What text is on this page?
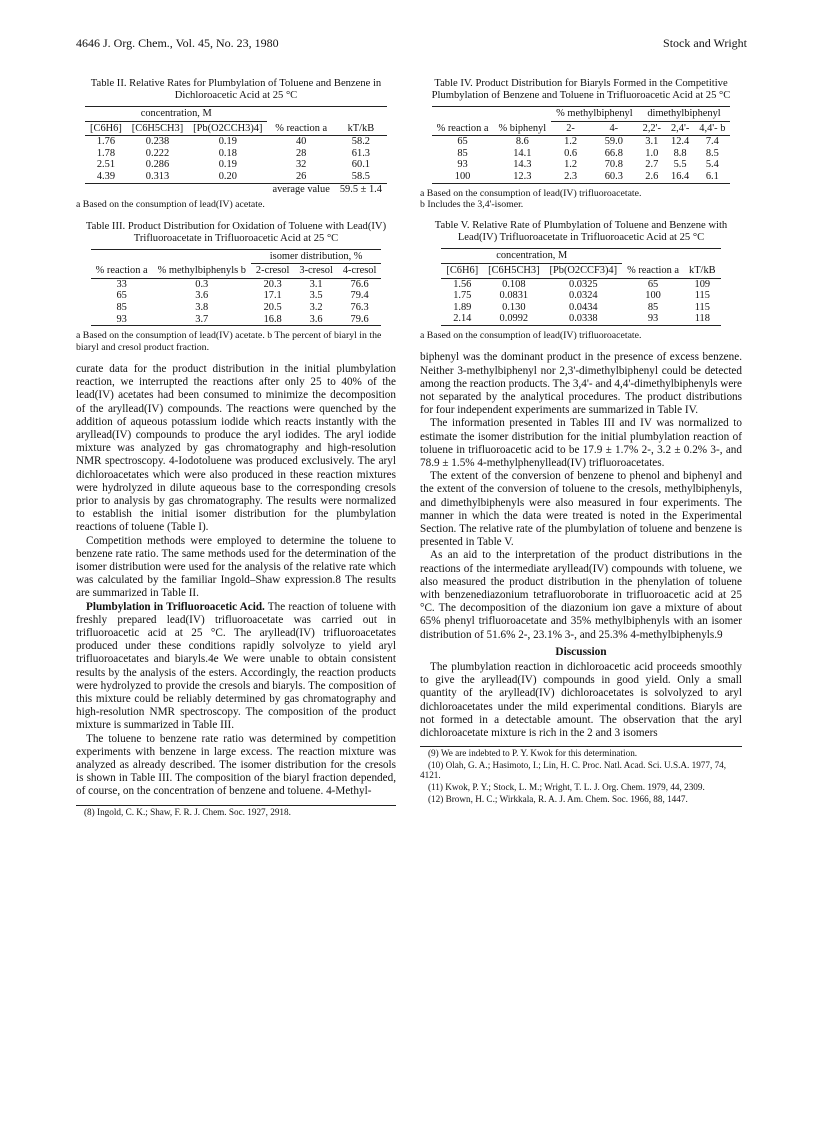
4646 J. Org. Chem., Vol. 45, No. 23, 1980	Stock and Wright
Table II. Relative Rates for Plumbylation of Toluene and Benzene in Dichloroacetic Acid at 25 °C
concentration, M				
[C6H6]	[C6H5CH3]	[Pb(O2CCH3)4]	% reaction a	kT/kB
1.76	0.238	0.19	40	58.2
1.78	0.222	0.18	28	61.3
2.51	0.286	0.19	32	60.1
4.39	0.313	0.20	26	58.5
			average value	59.5 ± 1.4
a Based on the consumption of lead(IV) acetate.
Table III. Product Distribution for Oxidation of Toluene with Lead(IV) Trifluoroacetate in Trifluoroacetic Acid at 25 °C
% reaction a	% methylbiphenyls b	isomer distribution, %		
		2-cresol	3-cresol	4-cresol
33	0.3	20.3	3.1	76.6
65	3.6	17.1	3.5	79.4
85	3.8	20.5	3.2	76.3
93	3.7	16.8	3.6	79.6
a Based on the consumption of lead(IV) acetate. b The percent of biaryl in the biaryl and cresol product fraction.

curate data for the product distribution in the initial plumbylation reaction, we interrupted the reactions after only 25 to 40% of the lead(IV) acetates had been consumed to minimize the decomposition of the aryllead(IV) compounds. The reactions were quenched by the addition of aqueous potassium iodide which reacts instantly with the aryllead(IV) compounds to produce the aryl iodides. The aryl iodide mixture was analyzed by gas chromatography and high-resolution NMR spectroscopy. 4-Iodotoluene was produced exclusively. The aryl dichloroacetates which were also produced in these reaction mixtures were hydrolyzed in dilute aqueous base to the corresponding cresols prior to analysis by gas chromatography. The results were normalized to establish the initial isomer distribution for the plumbylation reactions of toluene (Table I).

Competition methods were employed to determine the toluene to benzene rate ratio. The same methods used for the determination of the isomer distribution were used for the analysis of the relative rate which was calculated by the familiar Ingold–Shaw expression.8 The results are summarized in Table II.

Plumbylation in Trifluoroacetic Acid. The reaction of toluene with freshly prepared lead(IV) trifluoroacetate was carried out in trifluoroacetic acid at 25 °C. The aryllead(IV) trifluoroacetates produced under these conditions rapidly solvolyze to yield aryl trifluoroacetates and biaryls.4e We were unable to obtain consistent results by the analysis of the esters. Accordingly, the reaction products were hydrolyzed to provide the cresols and biaryls. The composition of this mixture could be reliably determined by gas chromatography and high-resolution NMR spectroscopy. The composition of the product mixture is summarized in Table III.

The toluene to benzene rate ratio was determined by competition experiments with benzene in large excess. The reaction mixture was analyzed as already described. The isomer distribution for the cresols is shown in Table III. The composition of the biaryl fraction depended, of course, on the concentration of benzene and toluene. 4-Methyl-

(8) Ingold, C. K.; Shaw, F. R. J. Chem. Soc. 1927, 2918.

Table IV. Product Distribution for Biaryls Formed in the Competitive Plumbylation of Benzene and Toluene in Trifluoroacetic Acid at 25 °C
% reaction a	% biphenyl	% methylbiphenyl		dimethylbiphenyl		
		2-	4-	2,2'-	2,4'-	4,4'- b
65	8.6	1.2	59.0	3.1	12.4	7.4
85	14.1	0.6	66.8	1.0	8.8	8.5
93	14.3	1.2	70.8	2.7	5.5	5.4
100	12.3	2.3	60.3	2.6	16.4	6.1
a Based on the consumption of lead(IV) trifluoroacetate.
b Includes the 3,4'-isomer.
Table V. Relative Rate of Plumbylation of Toluene and Benzene with Lead(IV) Trifluoroacetate in Trifluoroacetic Acid at 25 °C
concentration, M				
[C6H6]	[C6H5CH3]	[Pb(O2CCF3)4]	% reaction a	kT/kB
1.56	0.108	0.0325	65	109
1.75	0.0831	0.0324	100	115
1.89	0.130	0.0434	85	115
2.14	0.0992	0.0338	93	118
a Based on the consumption of lead(IV) trifluoroacetate.

biphenyl was the dominant product in the presence of excess benzene. Neither 3-methylbiphenyl nor 2,3'-dimethylbiphenyl could be detected among the reaction products. The 3,4'- and 4,4'-dimethylbiphenyls were not separated by the analytical procedures. The product distributions for four independent experiments are summarized in Table IV.

The information presented in Tables III and IV was normalized to estimate the isomer distribution for the initial plumbylation reaction of toluene in trifluoroacetic acid to be 17.9 ± 1.7% 2-, 3.2 ± 0.2% 3-, and 78.9 ± 1.5% 4-methylphenyllead(IV) trifluoroacetates.

The extent of the conversion of benzene to phenol and biphenyl and the extent of the conversion of toluene to the cresols, methylbiphenyls, and dimethylbiphenyls were also measured in four experiments. The manner in which the data were treated is noted in the Experimental Section. The relative rate of the plumbylation of toluene and benzene is presented in Table V.

As an aid to the interpretation of the product distributions in the reactions of the intermediate aryllead(IV) compounds with toluene, we also measured the product distribution in the phenylation of toluene with benzenediazonium tetrafluoroborate in trifluoroacetic acid at 25 °C. The decomposition of the diazonium ion gave a mixture of about 65% phenyl trifluoroacetate and 35% methylbiphenyls with an isomer distribution of 51.6% 2-, 23.1% 3-, and 25.3% 4-methylbiphenyls.9

Discussion

The plumbylation reaction in dichloroacetic acid proceeds smoothly to give the aryllead(IV) compounds in good yield. Only a small quantity of the aryllead(IV) dichloroacetates is solvolyzed to aryl dichloroacetates under the mild experimental conditions. Biaryls are not formed in a detectable amount. The observation that the aryl dichloroacetate mixture is rich in the 2 and 3 isomers

(9) We are indebted to P. Y. Kwok for this determination.

(10) Olah, G. A.; Hasimoto, I.; Lin, H. C. Proc. Natl. Acad. Sci. U.S.A. 1977, 74, 4121.

(11) Kwok, P. Y.; Stock, L. M.; Wright, T. L. J. Org. Chem. 1979, 44, 2309.

(12) Brown, H. C.; Wirkkala, R. A. J. Am. Chem. Soc. 1966, 88, 1447.
